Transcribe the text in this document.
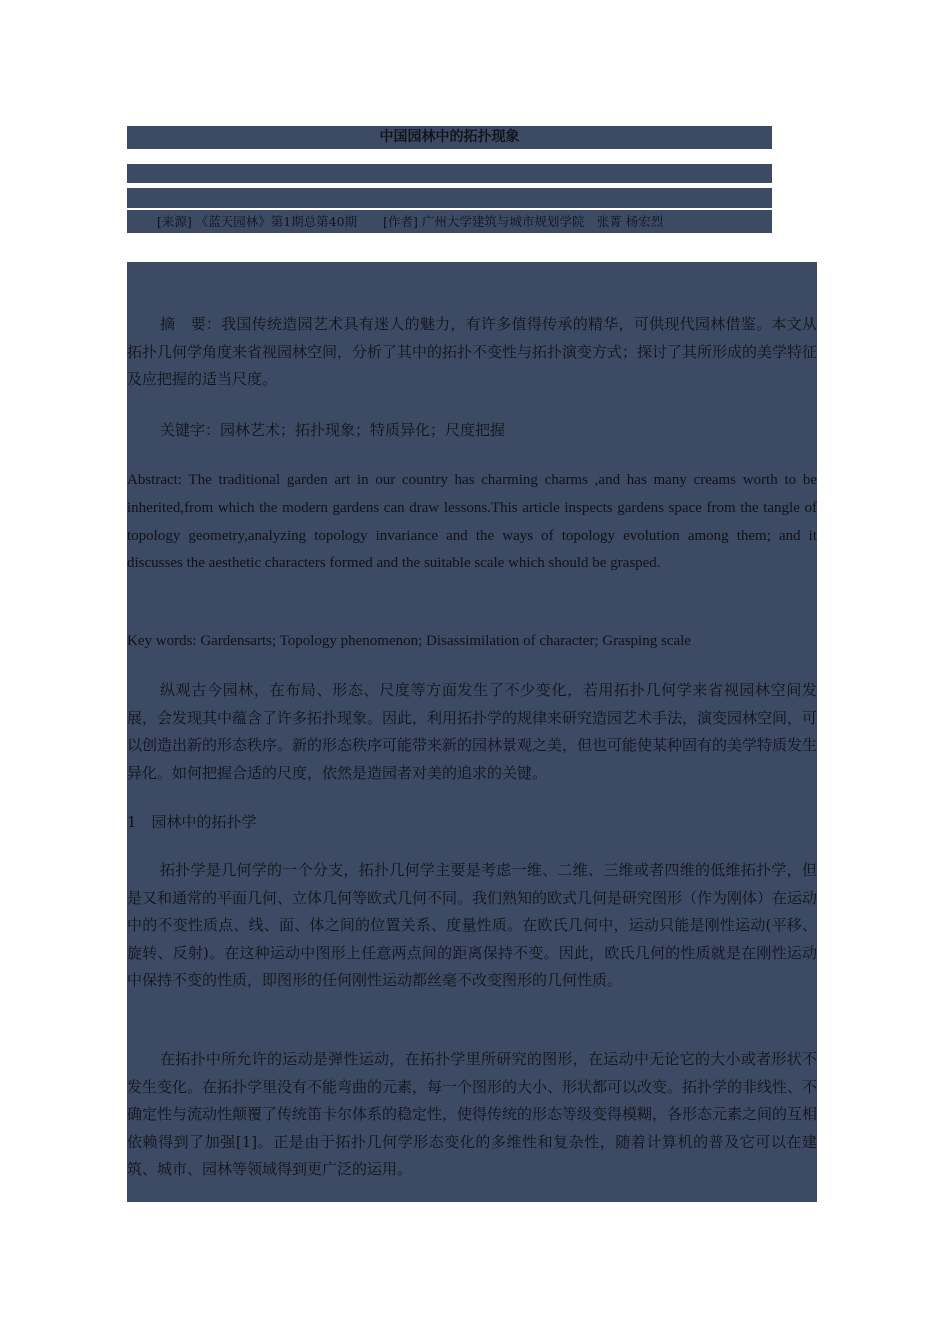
中国园林中的拓扑现象
[来源] 《蓝天园林》第1期总第40期 [作者] 广州大学建筑与城市规划学院　张菁 杨宏烈

摘　要：我国传统造园艺术具有迷人的魅力，有许多值得传承的精华，可供现代园林借鉴。本文从拓扑几何学角度来省视园林空间，分析了其中的拓扑不变性与拓扑演变方式；探讨了其所形成的美学特征及应把握的适当尺度。

关键字：园林艺术；拓扑现象；特质异化；尺度把握

Abstract: The traditional garden art in our country has charming charms ,and has many creams worth to be inherited,from which the modern gardens can draw lessons.This article inspects gardens space from the tangle of topology geometry,analyzing topology invariance and the ways of topology evolution among them; and it discusses the aesthetic characters formed and the suitable scale which should be grasped.

Key words: Gardensarts; Topology phenomenon; Disassimilation of character; Grasping scale

纵观古今园林，在布局、形态、尺度等方面发生了不少变化，若用拓扑几何学来省视园林空间发展，会发现其中蕴含了许多拓扑现象。因此，利用拓扑学的规律来研究造园艺术手法，演变园林空间，可以创造出新的形态秩序。新的形态秩序可能带来新的园林景观之美，但也可能使某种固有的美学特质发生异化。如何把握合适的尺度，依然是造园者对美的追求的关键。

1　园林中的拓扑学

拓扑学是几何学的一个分支，拓扑几何学主要是考虑一维、二维、三维或者四维的低维拓扑学，但是又和通常的平面几何、立体几何等欧式几何不同。我们熟知的欧式几何是研究图形（作为刚体）在运动中的不变性质点、线、面、体之间的位置关系、度量性质。在欧氏几何中，运动只能是刚性运动(平移、旋转、反射)。在这种运动中图形上任意两点间的距离保持不变。因此，欧氏几何的性质就是在刚性运动中保持不变的性质，即图形的任何刚性运动都丝毫不改变图形的几何性质。

在拓扑中所允许的运动是弹性运动，在拓扑学里所研究的图形，在运动中无论它的大小或者形状不发生变化。在拓扑学里没有不能弯曲的元素，每一个图形的大小、形状都可以改变。拓扑学的非线性、不确定性与流动性颠覆了传统笛卡尔体系的稳定性，使得传统的形态等级变得模糊，各形态元素之间的互相依赖得到了加强[1]。正是由于拓扑几何学形态变化的多维性和复杂性，随着计算机的普及它可以在建筑、城市、园林等领域得到更广泛的运用。
